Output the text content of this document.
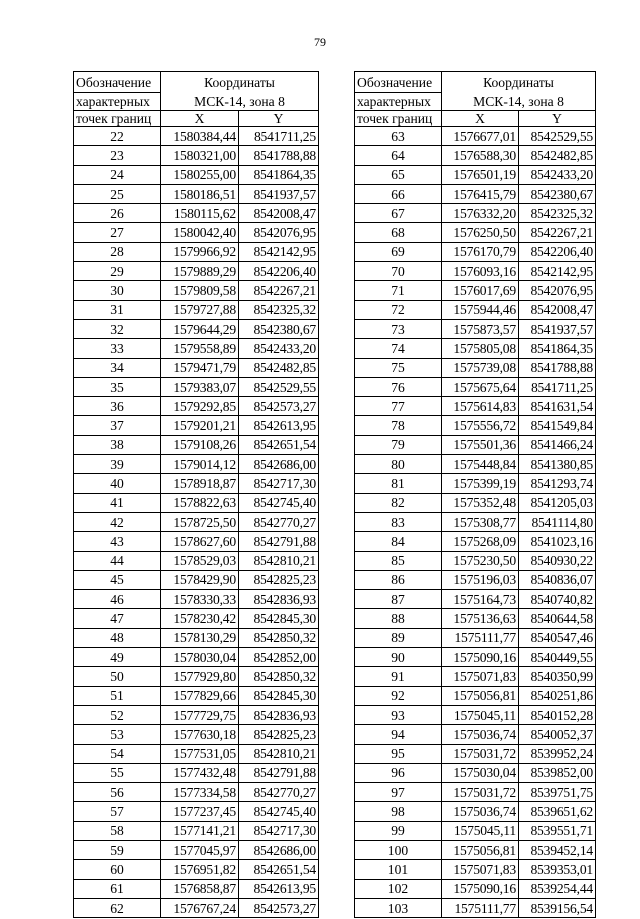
79
Обозначение	Координаты	
характерных	МСК-14, зона 8	
точек границ	X	Y
22	1580384,44	8541711,25
23	1580321,00	8541788,88
24	1580255,00	8541864,35
25	1580186,51	8541937,57
26	1580115,62	8542008,47
27	1580042,40	8542076,95
28	1579966,92	8542142,95
29	1579889,29	8542206,40
30	1579809,58	8542267,21
31	1579727,88	8542325,32
32	1579644,29	8542380,67
33	1579558,89	8542433,20
34	1579471,79	8542482,85
35	1579383,07	8542529,55
36	1579292,85	8542573,27
37	1579201,21	8542613,95
38	1579108,26	8542651,54
39	1579014,12	8542686,00
40	1578918,87	8542717,30
41	1578822,63	8542745,40
42	1578725,50	8542770,27
43	1578627,60	8542791,88
44	1578529,03	8542810,21
45	1578429,90	8542825,23
46	1578330,33	8542836,93
47	1578230,42	8542845,30
48	1578130,29	8542850,32
49	1578030,04	8542852,00
50	1577929,80	8542850,32
51	1577829,66	8542845,30
52	1577729,75	8542836,93
53	1577630,18	8542825,23
54	1577531,05	8542810,21
55	1577432,48	8542791,88
56	1577334,58	8542770,27
57	1577237,45	8542745,40
58	1577141,21	8542717,30
59	1577045,97	8542686,00
60	1576951,82	8542651,54
61	1576858,87	8542613,95
62	1576767,24	8542573,27
Обозначение	Координаты	
характерных	МСК-14, зона 8	
точек границ	X	Y
63	1576677,01	8542529,55
64	1576588,30	8542482,85
65	1576501,19	8542433,20
66	1576415,79	8542380,67
67	1576332,20	8542325,32
68	1576250,50	8542267,21
69	1576170,79	8542206,40
70	1576093,16	8542142,95
71	1576017,69	8542076,95
72	1575944,46	8542008,47
73	1575873,57	8541937,57
74	1575805,08	8541864,35
75	1575739,08	8541788,88
76	1575675,64	8541711,25
77	1575614,83	8541631,54
78	1575556,72	8541549,84
79	1575501,36	8541466,24
80	1575448,84	8541380,85
81	1575399,19	8541293,74
82	1575352,48	8541205,03
83	1575308,77	8541114,80
84	1575268,09	8541023,16
85	1575230,50	8540930,22
86	1575196,03	8540836,07
87	1575164,73	8540740,82
88	1575136,63	8540644,58
89	1575111,77	8540547,46
90	1575090,16	8540449,55
91	1575071,83	8540350,99
92	1575056,81	8540251,86
93	1575045,11	8540152,28
94	1575036,74	8540052,37
95	1575031,72	8539952,24
96	1575030,04	8539852,00
97	1575031,72	8539751,75
98	1575036,74	8539651,62
99	1575045,11	8539551,71
100	1575056,81	8539452,14
101	1575071,83	8539353,01
102	1575090,16	8539254,44
103	1575111,77	8539156,54
